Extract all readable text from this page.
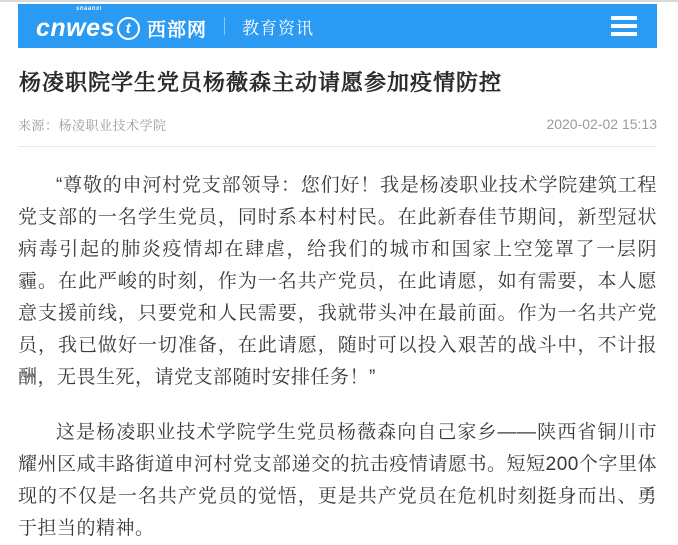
shaanxi
cnwes t 西部网 教育资讯
杨凌职院学生党员杨薇森主动请愿参加疫情防控
来源：杨凌职业技术学院	2020-02-02 15:13

“尊敬的申河村党支部领导：您们好！我是杨凌职业技术学院建筑工程党支部的一名学生党员，同时系本村村民。在此新春佳节期间，新型冠状病毒引起的肺炎疫情却在肆虐，给我们的城市和国家上空笼罩了一层阴霾。在此严峻的时刻，作为一名共产党员，在此请愿，如有需要，本人愿意支援前线，只要党和人民需要，我就带头冲在最前面。作为一名共产党员，我已做好一切准备，在此请愿，随时可以投入艰苦的战斗中，不计报酬，无畏生死，请党支部随时安排任务！”

这是杨凌职业技术学院学生党员杨薇森向自己家乡——陕西省铜川市耀州区咸丰路街道申河村党支部递交的抗击疫情请愿书。短短200个字里体现的不仅是一名共产党员的觉悟，更是共产党员在危机时刻挺身而出、勇于担当的精神。
